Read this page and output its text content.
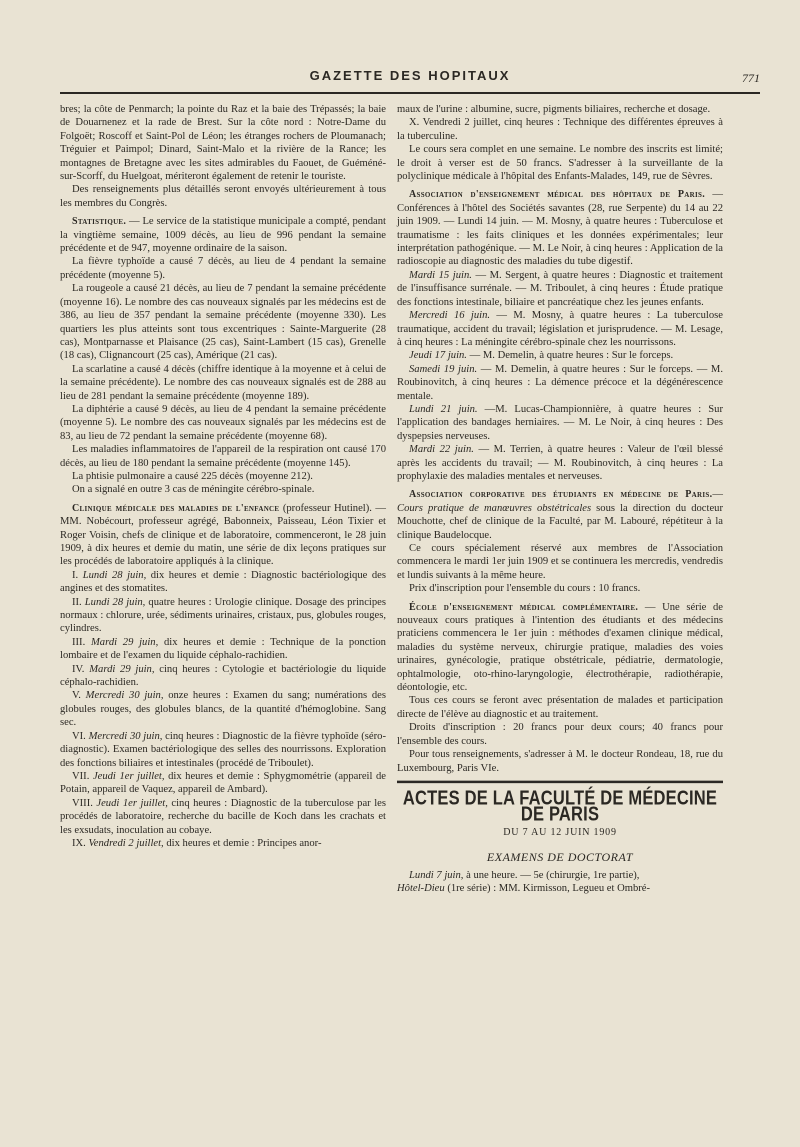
GAZETTE DES HOPITAUX	771

bres; la côte de Penmarch; la pointe du Raz et la baie des Trépassés; la baie de Douarnenez et la rade de Brest. Sur la côte nord : Notre-Dame du Folgoët; Roscoff et Saint-Pol de Léon; les étranges rochers de Ploumanach; Tréguier et Paimpol; Dinard, Saint-Malo et la rivière de la Rance; les montagnes de Bretagne avec les sites admirables du Faouet, de Guéméné-sur-Scorff, du Huelgoat, mériteront également de retenir le touriste.

Des renseignements plus détaillés seront envoyés ultérieurement à tous les membres du Congrès.

Statistique. — Le service de la statistique municipale a compté, pendant la vingtième semaine, 1009 décès, au lieu de 996 pendant la semaine précédente et de 947, moyenne ordinaire de la saison.

La fièvre typhoïde a causé 7 décès, au lieu de 4 pendant la semaine précédente (moyenne 5).

La rougeole a causé 21 décès, au lieu de 7 pendant la semaine précédente (moyenne 16). Le nombre des cas nouveaux signalés par les médecins est de 386, au lieu de 357 pendant la semaine précédente (moyenne 330). Les quartiers les plus atteints sont tous excentriques : Sainte-Marguerite (28 cas), Montparnasse et Plaisance (25 cas), Saint-Lambert (15 cas), Grenelle (18 cas), Clignancourt (25 cas), Amérique (21 cas).

La scarlatine a causé 4 décès (chiffre identique à la moyenne et à celui de la semaine précédente). Le nombre des cas nouveaux signalés est de 288 au lieu de 281 pendant la semaine précédente (moyenne 189).

La diphtérie a causé 9 décès, au lieu de 4 pendant la semaine précédente (moyenne 5). Le nombre des cas nouveaux signalés par les médecins est de 83, au lieu de 72 pendant la semaine précédente (moyenne 68).

Les maladies inflammatoires de l'appareil de la respiration ont causé 170 décès, au lieu de 180 pendant la semaine précédente (moyenne 145).

La phtisie pulmonaire a causé 225 décès (moyenne 212).

On a signalé en outre 3 cas de méningite cérébro-spinale.

Clinique médicale des maladies de l'enfance (professeur Hutinel). — MM. Nobécourt, professeur agrégé, Babonneix, Paisseau, Léon Tixier et Roger Voisin, chefs de clinique et de laboratoire, commenceront, le 28 juin 1909, à dix heures et demie du matin, une série de dix leçons pratiques sur les procédés de laboratoire appliqués à la clinique.

I. Lundi 28 juin, dix heures et demie : Diagnostic bactériologique des angines et des stomatites.

II. Lundi 28 juin, quatre heures : Urologie clinique. Dosage des principes normaux : chlorure, urée, sédiments urinaires, cristaux, pus, globules rouges, cylindres.

III. Mardi 29 juin, dix heures et demie : Technique de la ponction lombaire et de l'examen du liquide céphalo-rachidien.

IV. Mardi 29 juin, cinq heures : Cytologie et bactériologie du liquide céphalo-rachidien.

V. Mercredi 30 juin, onze heures : Examen du sang; numérations des globules rouges, des globules blancs, de la quantité d'hémoglobine. Sang sec.

VI. Mercredi 30 juin, cinq heures : Diagnostic de la fièvre typhoïde (séro-diagnostic). Examen bactériologique des selles des nourrissons. Exploration des fonctions biliaires et intestinales (procédé de Triboulet).

VII. Jeudi 1er juillet, dix heures et demie : Sphygmométrie (appareil de Potain, appareil de Vaquez, appareil de Ambard).

VIII. Jeudi 1er juillet, cinq heures : Diagnostic de la tuberculose par les procédés de laboratoire, recherche du bacille de Koch dans les crachats et les exsudats, inoculation au cobaye.

IX. Vendredi 2 juillet, dix heures et demie : Principes anor-

maux de l'urine : albumine, sucre, pigments biliaires, recherche et dosage.

X. Vendredi 2 juillet, cinq heures : Technique des différentes épreuves à la tuberculine.

Le cours sera complet en une semaine. Le nombre des inscrits est limité; le droit à verser est de 50 francs. S'adresser à la surveillante de la polyclinique médicale à l'hôpital des Enfants-Malades, 149, rue de Sèvres.

Association d'enseignement médical des hôpitaux de Paris. — Conférences à l'hôtel des Sociétés savantes (28, rue Serpente) du 14 au 22 juin 1909. — Lundi 14 juin. — M. Mosny, à quatre heures : Tuberculose et traumatisme : les faits cliniques et les données expérimentales; leur interprétation pathogénique. — M. Le Noir, à cinq heures : Application de la radioscopie au diagnostic des maladies du tube digestif.

Mardi 15 juin. — M. Sergent, à quatre heures : Diagnostic et traitement de l'insuffisance surrénale. — M. Triboulet, à cinq heures : Étude pratique des fonctions intestinale, biliaire et pancréatique chez les jeunes enfants.

Mercredi 16 juin. — M. Mosny, à quatre heures : La tuberculose traumatique, accident du travail; législation et jurisprudence. — M. Lesage, à cinq heures : La méningite cérébro-spinale chez les nourrissons.

Jeudi 17 juin. — M. Demelin, à quatre heures : Sur le forceps.

Samedi 19 juin. — M. Demelin, à quatre heures : Sur le forceps. — M. Roubinovitch, à cinq heures : La démence précoce et la dégénérescence mentale.

Lundi 21 juin. —M. Lucas-Championnière, à quatre heures : Sur l'application des bandages herniaires. — M. Le Noir, à cinq heures : Des dyspepsies nerveuses.

Mardi 22 juin. — M. Terrien, à quatre heures : Valeur de l'œil blessé après les accidents du travail; — M. Roubinovitch, à cinq heures : La prophylaxie des maladies mentales et nerveuses.

Association corporative des étudiants en médecine de Paris.— Cours pratique de manœuvres obstétricales sous la direction du docteur Mouchotte, chef de clinique de la Faculté, par M. Labouré, répétiteur à la clinique Baudelocque.

Ce cours spécialement réservé aux membres de l'Association commencera le mardi 1er juin 1909 et se continuera les mercredis, vendredis et lundis suivants à la même heure.

Prix d'inscription pour l'ensemble du cours : 10 francs.

École d'enseignement médical complémentaire. — Une série de nouveaux cours pratiques à l'intention des étudiants et des médecins praticiens commencera le 1er juin : méthodes d'examen clinique médical, maladies du système nerveux, chirurgie pratique, maladies des voies urinaires, gynécologie, pratique obstétricale, pédiatrie, dermatologie, ophtalmologie, oto-rhino-laryngologie, électrothérapie, radiothérapie, déontologie, etc.

Tous ces cours se feront avec présentation de malades et participation directe de l'élève au diagnostic et au traitement.

Droits d'inscription : 20 francs pour deux cours; 40 francs pour l'ensemble des cours.

Pour tous renseignements, s'adresser à M. le docteur Rondeau, 18, rue du Luxembourg, Paris VIe.

ACTES DE LA FACULTÉ DE MÉDECINE DE PARIS
DU 7 AU 12 JUIN 1909
EXAMENS DE DOCTORAT

Lundi 7 juin, à une heure. — 5e (chirurgie, 1re partie),

Hôtel-Dieu (1re série) : MM. Kirmisson, Legueu et Ombré-
